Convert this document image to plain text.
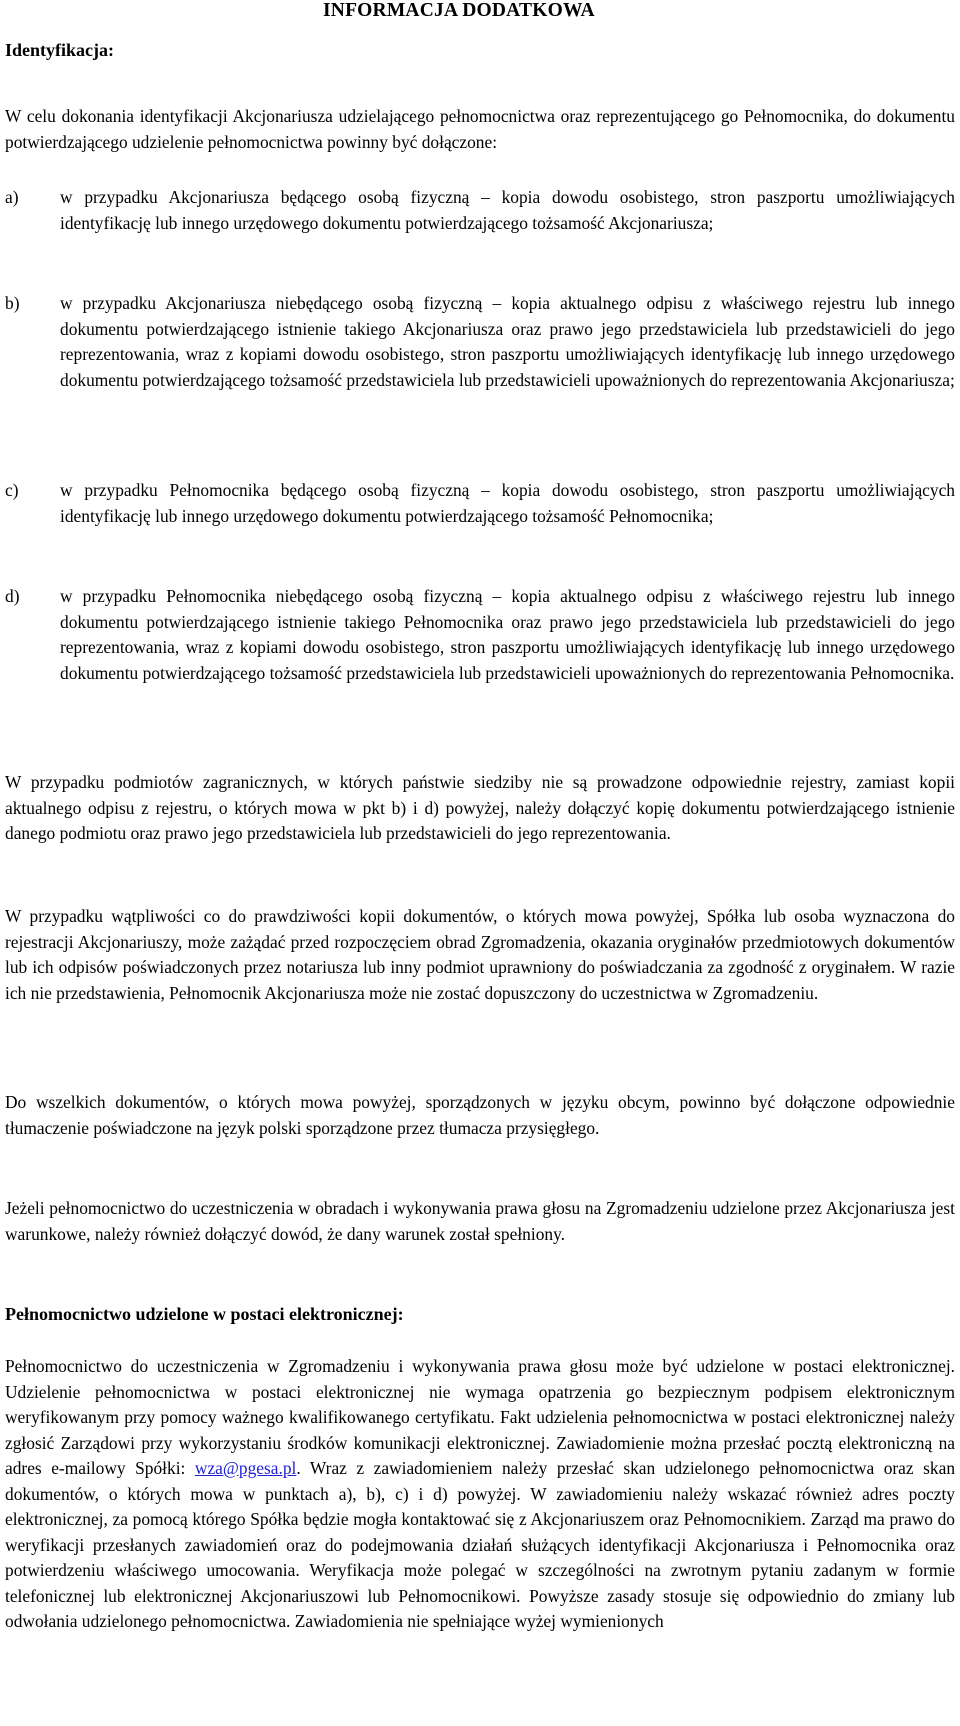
INFORMACJA DODATKOWA
Identyfikacja:

W celu dokonania identyfikacji Akcjonariusza udzielającego pełnomocnictwa oraz reprezentującego go Pełnomocnika, do dokumentu potwierdzającego udzielenie pełnomocnictwa powinny być dołączone:

a) w przypadku Akcjonariusza będącego osobą fizyczną – kopia dowodu osobistego, stron paszportu umożliwiających identyfikację lub innego urzędowego dokumentu potwierdzającego tożsamość Akcjonariusza;
b) w przypadku Akcjonariusza niebędącego osobą fizyczną – kopia aktualnego odpisu z właściwego rejestru lub innego dokumentu potwierdzającego istnienie takiego Akcjonariusza oraz prawo jego przedstawiciela lub przedstawicieli do jego reprezentowania, wraz z kopiami dowodu osobistego, stron paszportu umożliwiających identyfikację lub innego urzędowego dokumentu potwierdzającego tożsamość przedstawiciela lub przedstawicieli upoważnionych do reprezentowania Akcjonariusza;
c) w przypadku Pełnomocnika będącego osobą fizyczną – kopia dowodu osobistego, stron paszportu umożliwiających identyfikację lub innego urzędowego dokumentu potwierdzającego tożsamość Pełnomocnika;
d) w przypadku Pełnomocnika niebędącego osobą fizyczną – kopia aktualnego odpisu z właściwego rejestru lub innego dokumentu potwierdzającego istnienie takiego Pełnomocnika oraz prawo jego przedstawiciela lub przedstawicieli do jego reprezentowania, wraz z kopiami dowodu osobistego, stron paszportu umożliwiających identyfikację lub innego urzędowego dokumentu potwierdzającego tożsamość przedstawiciela lub przedstawicieli upoważnionych do reprezentowania Pełnomocnika.

W przypadku podmiotów zagranicznych, w których państwie siedziby nie są prowadzone odpowiednie rejestry, zamiast kopii aktualnego odpisu z rejestru, o których mowa w pkt b) i d) powyżej, należy dołączyć kopię dokumentu potwierdzającego istnienie danego podmiotu oraz prawo jego przedstawiciela lub przedstawicieli do jego reprezentowania.

W przypadku wątpliwości co do prawdziwości kopii dokumentów, o których mowa powyżej, Spółka lub osoba wyznaczona do rejestracji Akcjonariuszy, może zażądać przed rozpoczęciem obrad Zgromadzenia, okazania oryginałów przedmiotowych dokumentów lub ich odpisów poświadczonych przez notariusza lub inny podmiot uprawniony do poświadczania za zgodność z oryginałem. W razie ich nie przedstawienia, Pełnomocnik Akcjonariusza może nie zostać dopuszczony do uczestnictwa w Zgromadzeniu.

Do wszelkich dokumentów, o których mowa powyżej, sporządzonych w języku obcym, powinno być dołączone odpowiednie tłumaczenie poświadczone na język polski sporządzone przez tłumacza przysięgłego.

Jeżeli pełnomocnictwo do uczestniczenia w obradach i wykonywania prawa głosu na Zgromadzeniu udzielone przez Akcjonariusza jest warunkowe, należy również dołączyć dowód, że dany warunek został spełniony.

Pełnomocnictwo udzielone w postaci elektronicznej:

Pełnomocnictwo do uczestniczenia w Zgromadzeniu i wykonywania prawa głosu może być udzielone w postaci elektronicznej. Udzielenie pełnomocnictwa w postaci elektronicznej nie wymaga opatrzenia go bezpiecznym podpisem elektronicznym weryfikowanym przy pomocy ważnego kwalifikowanego certyfikatu. Fakt udzielenia pełnomocnictwa w postaci elektronicznej należy zgłosić Zarządowi przy wykorzystaniu środków komunikacji elektronicznej. Zawiadomienie można przesłać pocztą elektroniczną na adres e-mailowy Spółki: wza@pgesa.pl. Wraz z zawiadomieniem należy przesłać skan udzielonego pełnomocnictwa oraz skan dokumentów, o których mowa w punktach a), b), c) i d) powyżej. W zawiadomieniu należy wskazać również adres poczty elektronicznej, za pomocą którego Spółka będzie mogła kontaktować się z Akcjonariuszem oraz Pełnomocnikiem. Zarząd ma prawo do weryfikacji przesłanych zawiadomień oraz do podejmowania działań służących identyfikacji Akcjonariusza i Pełnomocnika oraz potwierdzeniu właściwego umocowania. Weryfikacja może polegać w szczególności na zwrotnym pytaniu zadanym w formie telefonicznej lub elektronicznej Akcjonariuszowi lub Pełnomocnikowi. Powyższe zasady stosuje się odpowiednio do zmiany lub odwołania udzielonego pełnomocnictwa. Zawiadomienia nie spełniające wyżej wymienionych
